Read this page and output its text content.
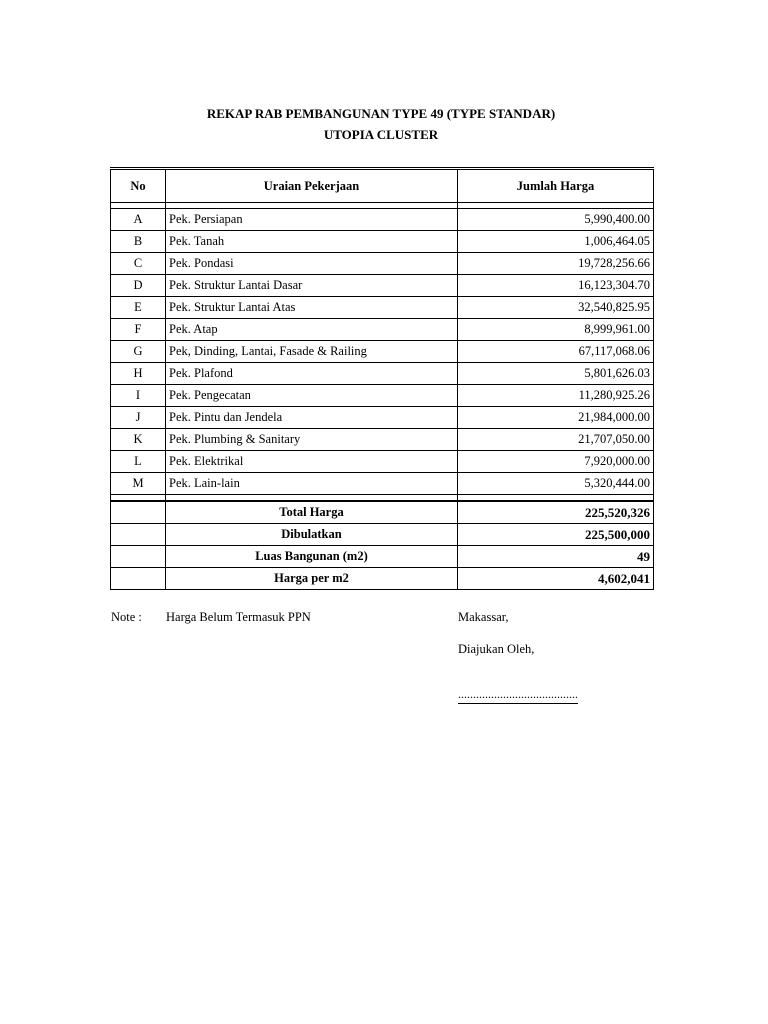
REKAP RAB PEMBANGUNAN TYPE 49 (TYPE STANDAR)
UTOPIA CLUSTER
No	Uraian Pekerjaan	Jumlah Harga

A	Pek. Persiapan	5,990,400.00
B	Pek. Tanah	1,006,464.05
C	Pek. Pondasi	19,728,256.66
D	Pek. Struktur Lantai Dasar	16,123,304.70
E	Pek. Struktur Lantai Atas	32,540,825.95
F	Pek. Atap	8,999,961.00
G	Pek, Dinding, Lantai, Fasade & Railing	67,117,068.06
H	Pek. Plafond	5,801,626.03
I	Pek. Pengecatan	11,280,925.26
J	Pek. Pintu dan Jendela	21,984,000.00
K	Pek. Plumbing & Sanitary	21,707,050.00
L	Pek. Elektrikal	7,920,000.00
M	Pek. Lain-lain	5,320,444.00

	Total Harga	225,520,326
	Dibulatkan	225,500,000
	Luas Bangunan (m2)	49
	Harga per m2	4,602,041
Note : Harga Belum Termasuk PPN	Makassar,
Diajukan Oleh,
........................................
